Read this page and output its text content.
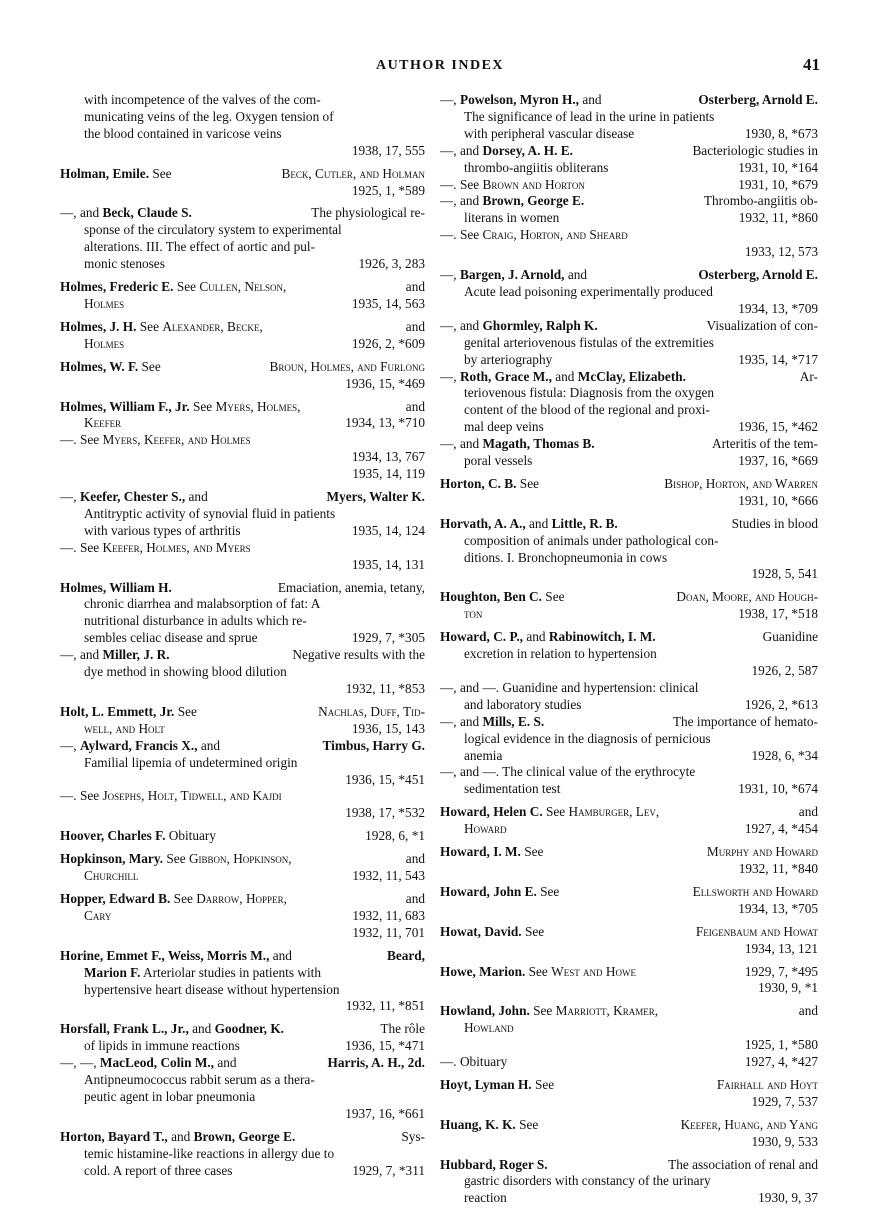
AUTHOR INDEX	41
with incompetence of the valves of the com-
municating veins of the leg. Oxygen tension of
the blood contained in varicose veins
1938, 17, 555
Holman, Emile. See	Beck, Cutler, and Holman
1925, 1, *589
—, and Beck, Claude S.	The physiological re-
sponse of the circulatory system to experimental
alterations. III. The effect of aortic and pul-
monic stenoses	1926, 3, 283
Holmes, Frederic E. See Cullen, Nelson,	and
Holmes	1935, 14, 563
Holmes, J. H. See Alexander, Becke,	and
Holmes	1926, 2, *609
Holmes, W. F. See	Broun, Holmes, and Furlong
1936, 15, *469
Holmes, William F., Jr. See Myers, Holmes,	and
Keefer	1934, 13, *710
—. See Myers, Keefer, and Holmes
1934, 13, 767
1935, 14, 119
—, Keefer, Chester S., and	Myers, Walter K.
Antitryptic activity of synovial fluid in patients
with various types of arthritis	1935, 14, 124
—. See Keefer, Holmes, and Myers
1935, 14, 131
Holmes, William H.	Emaciation, anemia, tetany,
chronic diarrhea and malabsorption of fat: A
nutritional disturbance in adults which re-
sembles celiac disease and sprue	1929, 7, *305
—, and Miller, J. R.	Negative results with the
dye method in showing blood dilution
1932, 11, *853
Holt, L. Emmett, Jr. See	Nachlas, Duff, Tid-
well, and Holt	1936, 15, 143
—, Aylward, Francis X., and	Timbus, Harry G.
Familial lipemia of undetermined origin
1936, 15, *451
—. See Josephs, Holt, Tidwell, and Kajdi
1938, 17, *532
Hoover, Charles F. Obituary	1928, 6, *1
Hopkinson, Mary. See Gibbon, Hopkinson,	and
Churchill	1932, 11, 543
Hopper, Edward B. See Darrow, Hopper,	and
Cary	1932, 11, 683
1932, 11, 701
Horine, Emmet F., Weiss, Morris M., and	Beard,
Marion F. Arteriolar studies in patients with
hypertensive heart disease without hypertension
1932, 11, *851
Horsfall, Frank L., Jr., and Goodner, K.	The rôle
of lipids in immune reactions	1936, 15, *471
—, —, MacLeod, Colin M., and	Harris, A. H., 2d.
Antipneumococcus rabbit serum as a thera-
peutic agent in lobar pneumonia
1937, 16, *661
Horton, Bayard T., and Brown, George E.	Sys-
temic histamine-like reactions in allergy due to
cold. A report of three cases	1929, 7, *311
—, Powelson, Myron H., and	Osterberg, Arnold E.
The significance of lead in the urine in patients
with peripheral vascular disease	1930, 8, *673
—, and Dorsey, A. H. E.	Bacteriologic studies in
thrombo-angiitis obliterans	1931, 10, *164
—. See Brown and Horton	1931, 10, *679
—, and Brown, George E.	Thrombo-angiitis ob-
literans in women	1932, 11, *860
—. See Craig, Horton, and Sheard
1933, 12, 573
—, Bargen, J. Arnold, and	Osterberg, Arnold E.
Acute lead poisoning experimentally produced
1934, 13, *709
—, and Ghormley, Ralph K.	Visualization of con-
genital arteriovenous fistulas of the extremities
by arteriography	1935, 14, *717
—, Roth, Grace M., and McClay, Elizabeth.	Ar-
teriovenous fistula: Diagnosis from the oxygen
content of the blood of the regional and proxi-
mal deep veins	1936, 15, *462
—, and Magath, Thomas B.	Arteritis of the tem-
poral vessels	1937, 16, *669
Horton, C. B. See	Bishop, Horton, and Warren
1931, 10, *666
Horvath, A. A., and Little, R. B.	Studies in blood
composition of animals under pathological con-
ditions. I. Bronchopneumonia in cows
1928, 5, 541
Houghton, Ben C. See	Doan, Moore, and Hough-
ton	1938, 17, *518
Howard, C. P., and Rabinowitch, I. M.	Guanidine
excretion in relation to hypertension
1926, 2, 587
—, and —. Guanidine and hypertension: clinical
and laboratory studies	1926, 2, *613
—, and Mills, E. S.	The importance of hemato-
logical evidence in the diagnosis of pernicious
anemia	1928, 6, *34
—, and —. The clinical value of the erythrocyte
sedimentation test	1931, 10, *674
Howard, Helen C. See Hamburger, Lev,	and
Howard	1927, 4, *454
Howard, I. M. See	Murphy and Howard
1932, 11, *840
Howard, John E. See	Ellsworth and Howard
1934, 13, *705
Howat, David. See	Feigenbaum and Howat
1934, 13, 121
Howe, Marion. See West and Howe	1929, 7, *495
1930, 9, *1
Howland, John. See Marriott, Kramer,	and
Howland
1925, 1, *580
—. Obituary	1927, 4, *427
Hoyt, Lyman H. See	Fairhall and Hoyt
1929, 7, 537
Huang, K. K. See	Keefer, Huang, and Yang
1930, 9, 533
Hubbard, Roger S.	The association of renal and
gastric disorders with constancy of the urinary
reaction	1930, 9, 37
